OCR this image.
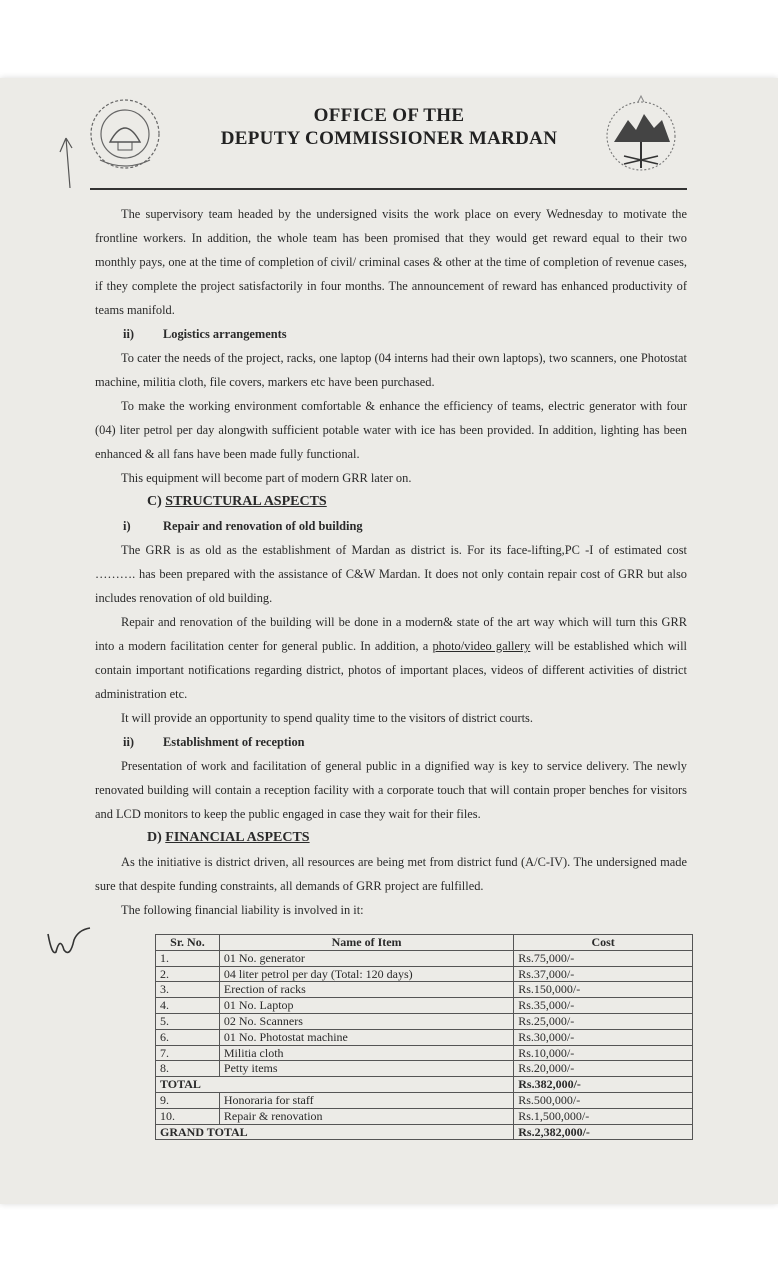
OFFICE OF THE
DEPUTY COMMISSIONER MARDAN

The supervisory team headed by the undersigned visits the work place on every Wednesday to motivate the frontline workers. In addition, the whole team has been promised that they would get reward equal to their two monthly pays, one at the time of completion of civil/ criminal cases & other at the time of completion of revenue cases, if they complete the project satisfactorily in four months. The announcement of reward has enhanced productivity of teams manifold.

ii) Logistics arrangements

To cater the needs of the project, racks, one laptop (04 interns had their own laptops), two scanners, one Photostat machine, militia cloth, file covers, markers etc have been purchased.

To make the working environment comfortable & enhance the efficiency of teams, electric generator with four (04) liter petrol per day alongwith sufficient potable water with ice has been provided. In addition, lighting has been enhanced & all fans have been made fully functional.

This equipment will become part of modern GRR later on.

C) STRUCTURAL ASPECTS

i)	Repair and renovation of old building

The GRR is as old as the establishment of Mardan as district is. For its face-lifting,PC -I of estimated cost ………. has been prepared with the assistance of C&W Mardan. It does not only contain repair cost of GRR but also includes renovation of old building.

Repair and renovation of the building will be done in a modern& state of the art way which will turn this GRR into a modern facilitation center for general public. In addition, a photo/video gallery will be established which will contain important notifications regarding district, photos of important places, videos of different activities of district administration etc.

It will provide an opportunity to spend quality time to the visitors of district courts.

ii) Establishment of reception

Presentation of work and facilitation of general public in a dignified way is key to service delivery. The newly renovated building will contain a reception facility with a corporate touch that will contain proper benches for visitors and LCD monitors to keep the public engaged in case they wait for their files.

D) FINANCIAL ASPECTS

As the initiative is district driven, all resources are being met from district fund (A/C-IV). The undersigned made sure that despite funding constraints, all demands of GRR project are fulfilled.

The following financial liability is involved in it:

Sr. No.	Name of Item	Cost
1.	01 No. generator	Rs.75,000/-
2.	04 liter petrol per day (Total: 120 days)	Rs.37,000/-
3.	Erection of racks	Rs.150,000/-
4.	01 No. Laptop	Rs.35,000/-
5.	02 No. Scanners	Rs.25,000/-
6.	01 No. Photostat machine	Rs.30,000/-
7.	Militia cloth	Rs.10,000/-
8.	Petty items	Rs.20,000/-
TOTAL		Rs.382,000/-
9.	Honoraria for staff	Rs.500,000/-
10.	Repair & renovation	Rs.1,500,000/-
GRAND TOTAL		Rs.2,382,000/-
